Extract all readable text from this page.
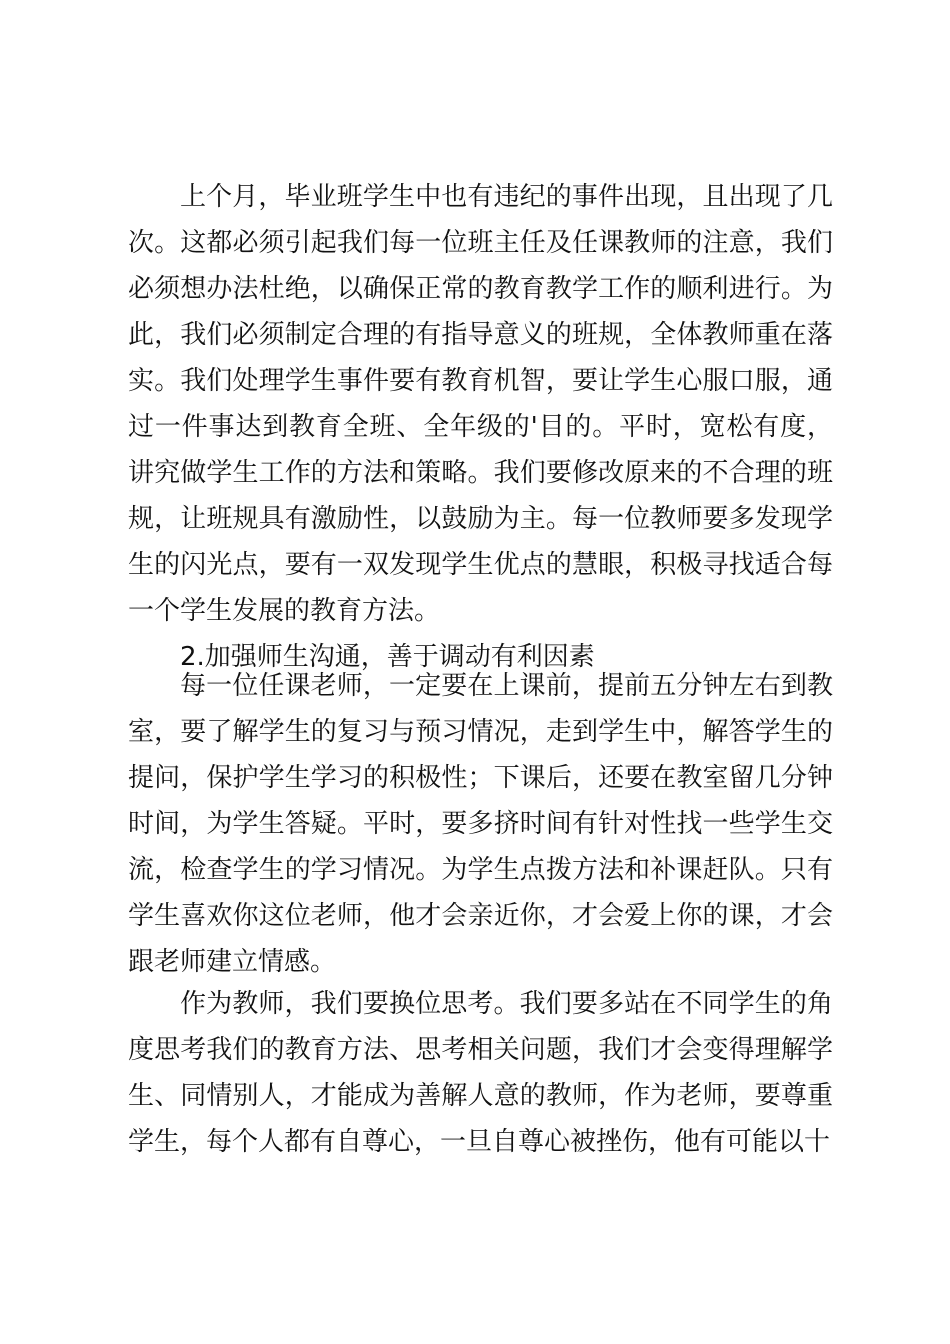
上个月，毕业班学生中也有违纪的事件出现，且出现了几次。这都必须引起我们每一位班主任及任课教师的注意，我们必须想办法杜绝，以确保正常的教育教学工作的顺利进行。为此，我们必须制定合理的有指导意义的班规，全体教师重在落实。我们处理学生事件要有教育机智，要让学生心服口服，通过一件事达到教育全班、全年级的'目的。平时，宽松有度，讲究做学生工作的方法和策略。我们要修改原来的不合理的班规，让班规具有激励性，以鼓励为主。每一位教师要多发现学生的闪光点，要有一双发现学生优点的慧眼，积极寻找适合每一个学生发展的教育方法。

2.加强师生沟通，善于调动有利因素

每一位任课老师，一定要在上课前，提前五分钟左右到教室，要了解学生的复习与预习情况，走到学生中，解答学生的提问，保护学生学习的积极性；下课后，还要在教室留几分钟时间，为学生答疑。平时，要多挤时间有针对性找一些学生交流，检查学生的学习情况。为学生点拨方法和补课赶队。只有学生喜欢你这位老师，他才会亲近你，才会爱上你的课，才会跟老师建立情感。

作为教师，我们要换位思考。我们要多站在不同学生的角度思考我们的教育方法、思考相关问题，我们才会变得理解学生、同情别人，才能成为善解人意的教师，作为老师，要尊重学生，每个人都有自尊心，一旦自尊心被挫伤，他有可能以十
